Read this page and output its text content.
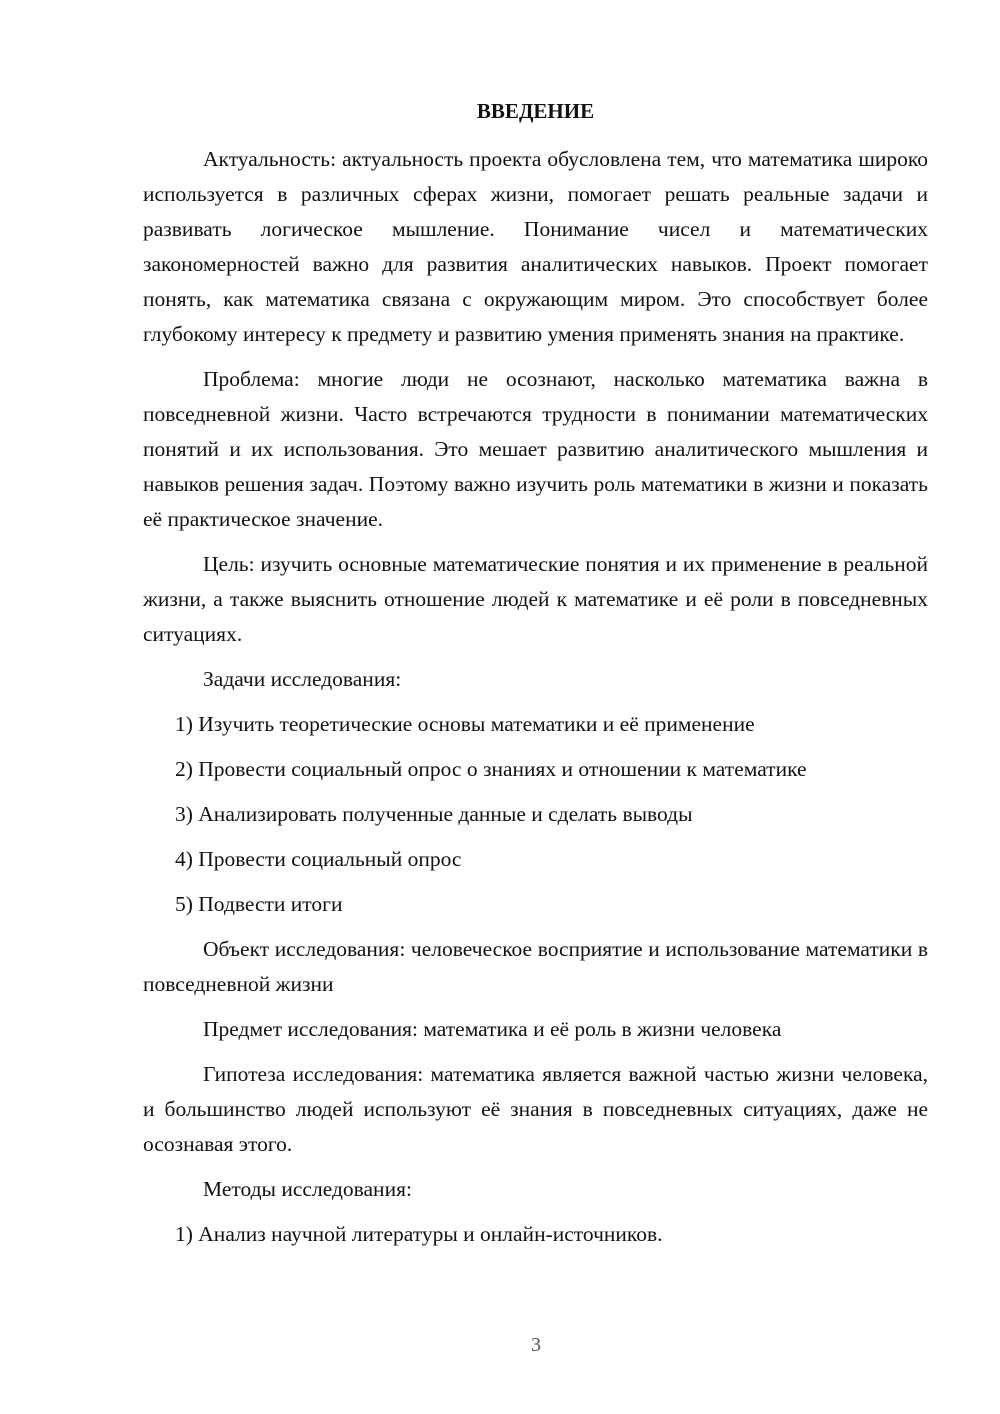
ВВЕДЕНИЕ

Актуальность: актуальность проекта обусловлена тем, что математика широко используется в различных сферах жизни, помогает решать реальные задачи и развивать логическое мышление. Понимание чисел и математических закономерностей важно для развития аналитических навыков. Проект помогает понять, как математика связана с окружающим миром. Это способствует более глубокому интересу к предмету и развитию умения применять знания на практике.

Проблема: многие люди не осознают, насколько математика важна в повседневной жизни. Часто встречаются трудности в понимании математических понятий и их использования. Это мешает развитию аналитического мышления и навыков решения задач. Поэтому важно изучить роль математики в жизни и показать её практическое значение.

Цель: изучить основные математические понятия и их применение в реальной жизни, а также выяснить отношение людей к математике и её роли в повседневных ситуациях.

Задачи исследования:

1) Изучить теоретические основы математики и её применение
2) Провести социальный опрос о знаниях и отношении к математике
3) Анализировать полученные данные и сделать выводы
4) Провести социальный опрос
5) Подвести итоги

Объект исследования: человеческое восприятие и использование математики в повседневной жизни

Предмет исследования: математика и её роль в жизни человека

Гипотеза исследования: математика является важной частью жизни человека, и большинство людей используют её знания в повседневных ситуациях, даже не осознавая этого.

Методы исследования:

1) Анализ научной литературы и онлайн-источников.
3
